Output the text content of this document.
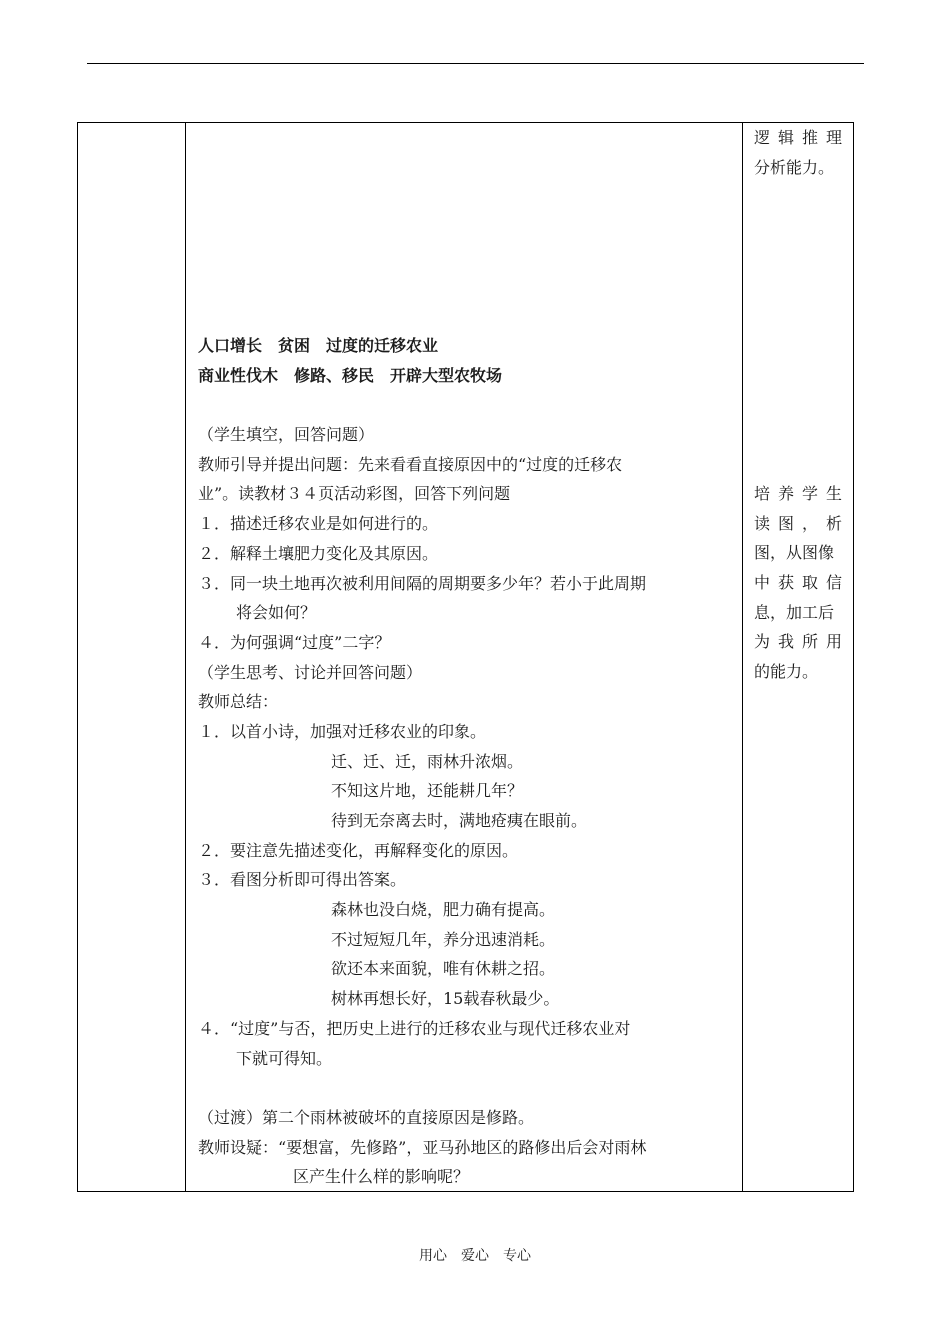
人口增长　贫困　过度的迁移农业
商业性伐木　修路、移民　开辟大型农牧场
（学生填空，回答问题）
教师引导并提出问题：先来看看直接原因中的“过度的迁移农
业”。读教材３４页活动彩图，回答下列问题
１．描述迁移农业是如何进行的。
２．解释土壤肥力变化及其原因。
３．同一块土地再次被利用间隔的周期要多少年？若小于此周期
将会如何？
４．为何强调“过度”二字？
（学生思考、讨论并回答问题）
教师总结：
１．以首小诗，加强对迁移农业的印象。
迁、迁、迁，雨林升浓烟。
不知这片地，还能耕几年？
待到无奈离去时，满地疮痍在眼前。
２．要注意先描述变化，再解释变化的原因。
３．看图分析即可得出答案。
森林也没白烧，肥力确有提高。
不过短短几年，养分迅速消耗。
欲还本来面貌，唯有休耕之招。
树林再想长好，15载春秋最少。
４．“过度”与否，把历史上进行的迁移农业与现代迁移农业对
下就可得知。
（过渡）第二个雨林被破坏的直接原因是修路。
教师设疑：“要想富，先修路”，亚马孙地区的路修出后会对雨林
区产生什么样的影响呢？
逻 辑 推 理
分析能力。
培 养 学 生
读 图 ， 析
图，从图像
中 获 取 信
息，加工后
为 我 所 用
的能力。
用心　爱心　专心
